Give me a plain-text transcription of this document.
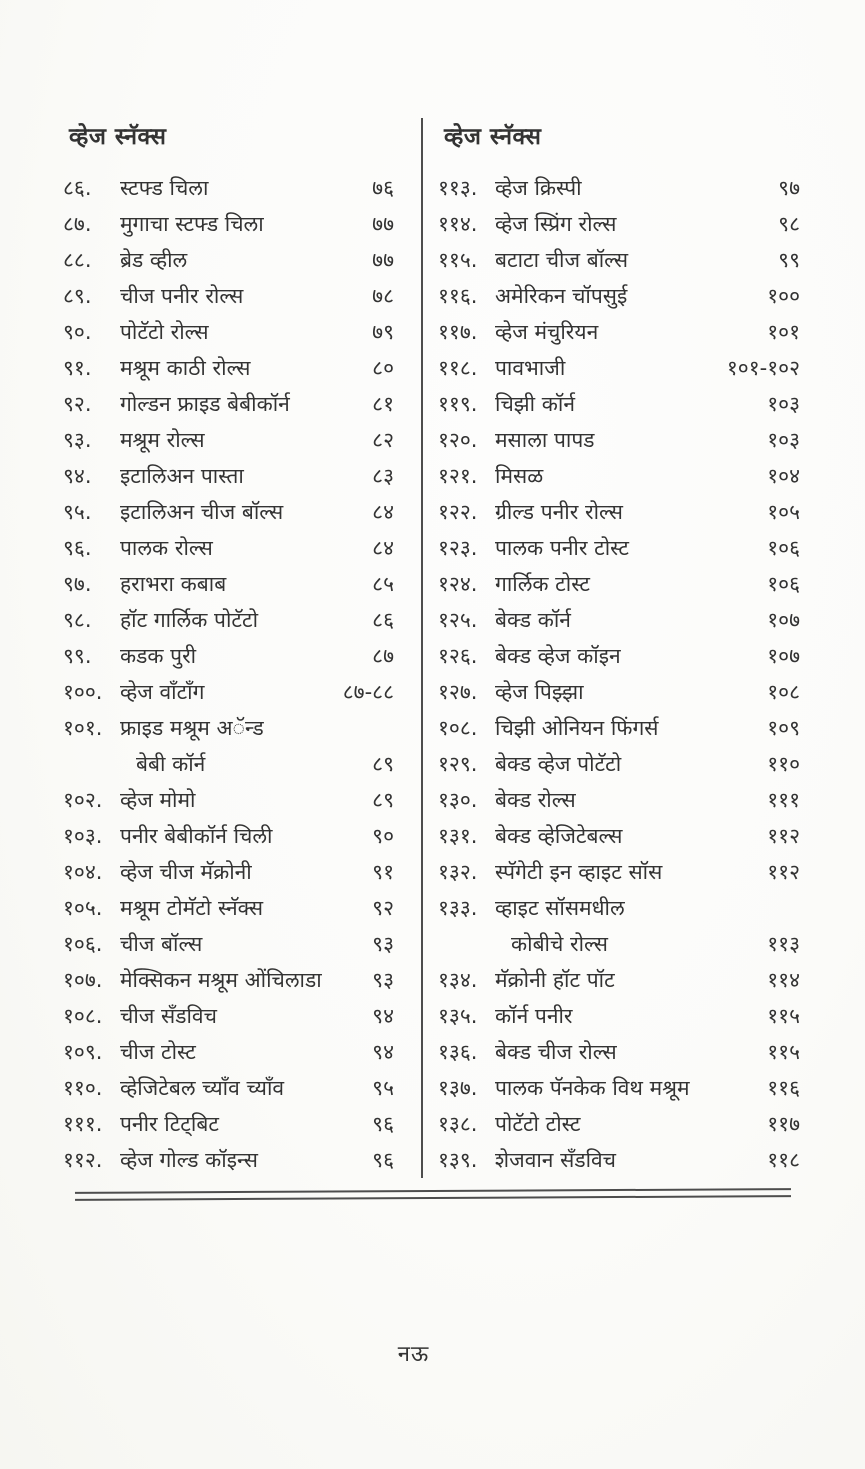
व्हेज स्नॅक्स
८६.	स्टफ्ड चिला	७६
८७.	मुगाचा स्टफ्ड चिला	७७
८८.	ब्रेड व्हील	७७
८९.	चीज पनीर रोल्स	७८
९०.	पोटॅटो रोल्स	७९
९१.	मश्रूम काठी रोल्स	८०
९२.	गोल्डन फ्राइड बेबीकॉर्न	८१
९३.	मश्रूम रोल्स	८२
९४.	इटालिअन पास्ता	८३
९५.	इटालिअन चीज बॉल्स	८४
९६.	पालक रोल्स	८४
९७.	हराभरा कबाब	८५
९८.	हॉट गार्लिक पोटॅटो	८६
९९.	कडक पुरी	८७
१००. व्हेज वाँटाँग	८७-८८
१०१. फ्राइड मश्रूम अॅन्ड
बेबी कॉर्न	८९
१०२. व्हेज मोमो	८९
१०३. पनीर बेबीकॉर्न चिली	९०
१०४. व्हेज चीज मॅक्रोनी	९१
१०५. मश्रूम टोमॅटो स्नॅक्स	९२
१०६. चीज बॉल्स	९३
१०७. मेक्सिकन मश्रूम ओंचिलाडा	९३
१०८. चीज सँडविच	९४
१०९. चीज टोस्ट	९४
११०. व्हेजिटेबल च्याँव च्याँव	९५
१११. पनीर टिट्बिट	९६
११२. व्हेज गोल्ड कॉइन्स	९६
व्हेज स्नॅक्स
११३. व्हेज क्रिस्पी	९७
११४. व्हेज स्प्रिंग रोल्स	९८
११५. बटाटा चीज बॉल्स	९९
११६. अमेरिकन चॉपसुई	१००
११७. व्हेज मंचुरियन	१०१
११८. पावभाजी	१०१-१०२
११९. चिझी कॉर्न	१०३
१२०. मसाला पापड	१०३
१२१. मिसळ	१०४
१२२. ग्रील्ड पनीर रोल्स	१०५
१२३. पालक पनीर टोस्ट	१०६
१२४. गार्लिक टोस्ट	१०६
१२५. बेक्ड कॉर्न	१०७
१२६. बेक्ड व्हेज कॉइन	१०७
१२७. व्हेज पिझ्झा	१०८
१०८. चिझी ओनियन फिंगर्स	१०९
१२९. बेक्ड व्हेज पोटॅटो	११०
१३०. बेक्ड रोल्स	१११
१३१. बेक्ड व्हेजिटेबल्स	११२
१३२. स्पॅगेटी इन व्हाइट सॉस	११२
१३३. व्हाइट सॉसमधील
कोबीचे रोल्स	११३
१३४. मॅक्रोनी हॉट पॉट	११४
१३५. कॉर्न पनीर	११५
१३६. बेक्ड चीज रोल्स	११५
१३७. पालक पॅनकेक विथ मश्रूम	११६
१३८. पोटॅटो टोस्ट	११७
१३९. शेजवान सँडविच	११८
नऊ
